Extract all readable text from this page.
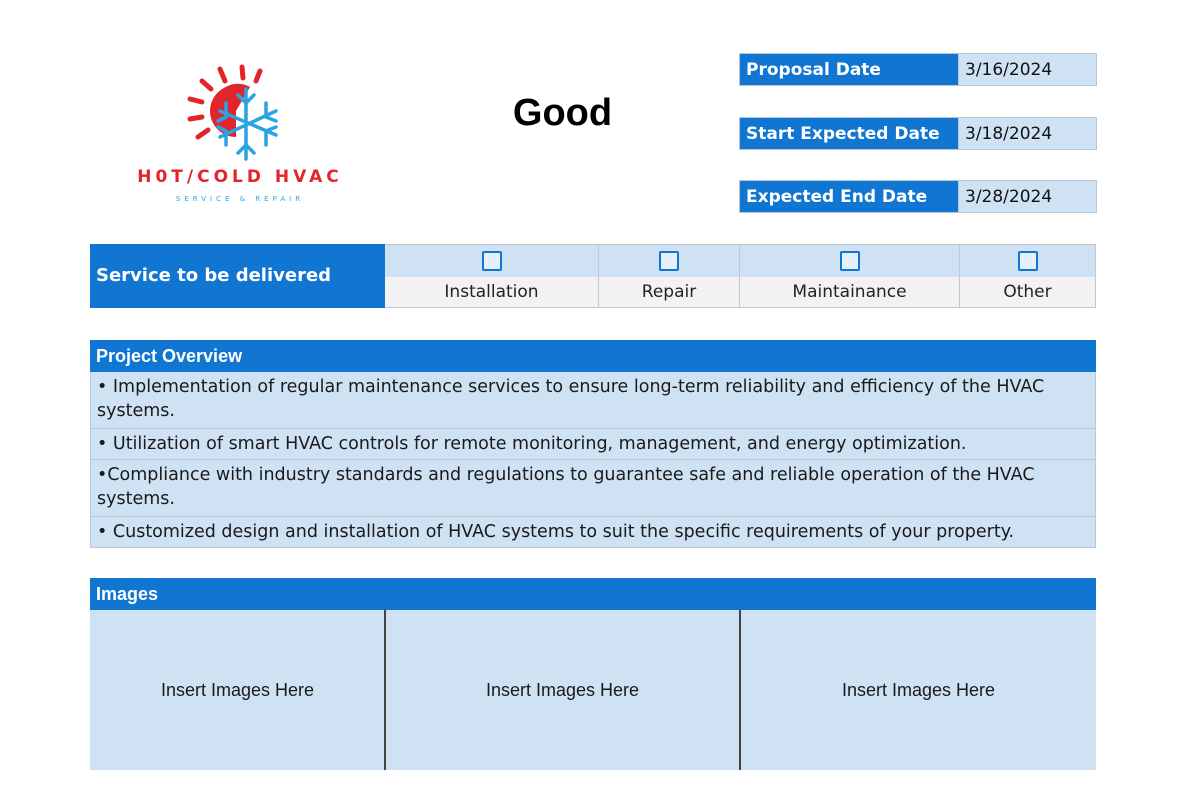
H0T/COLD HVAC
SERVICE & REPAIR
Good
Proposal Date	3/16/2024
Start Expected Date	3/18/2024
Expected End Date	3/28/2024
Service to be delivered
Installation	Repair	Maintainance	Other
Project Overview
• Implementation of regular maintenance services to ensure long-term reliability and efficiency of the HVAC systems.
• Utilization of smart HVAC controls for remote monitoring, management, and energy optimization.
•Compliance with industry standards and regulations to guarantee safe and reliable operation of the HVAC systems.
• Customized design and installation of HVAC systems to suit the specific requirements of your property.
Images
Insert Images Here	Insert Images Here	Insert Images Here
